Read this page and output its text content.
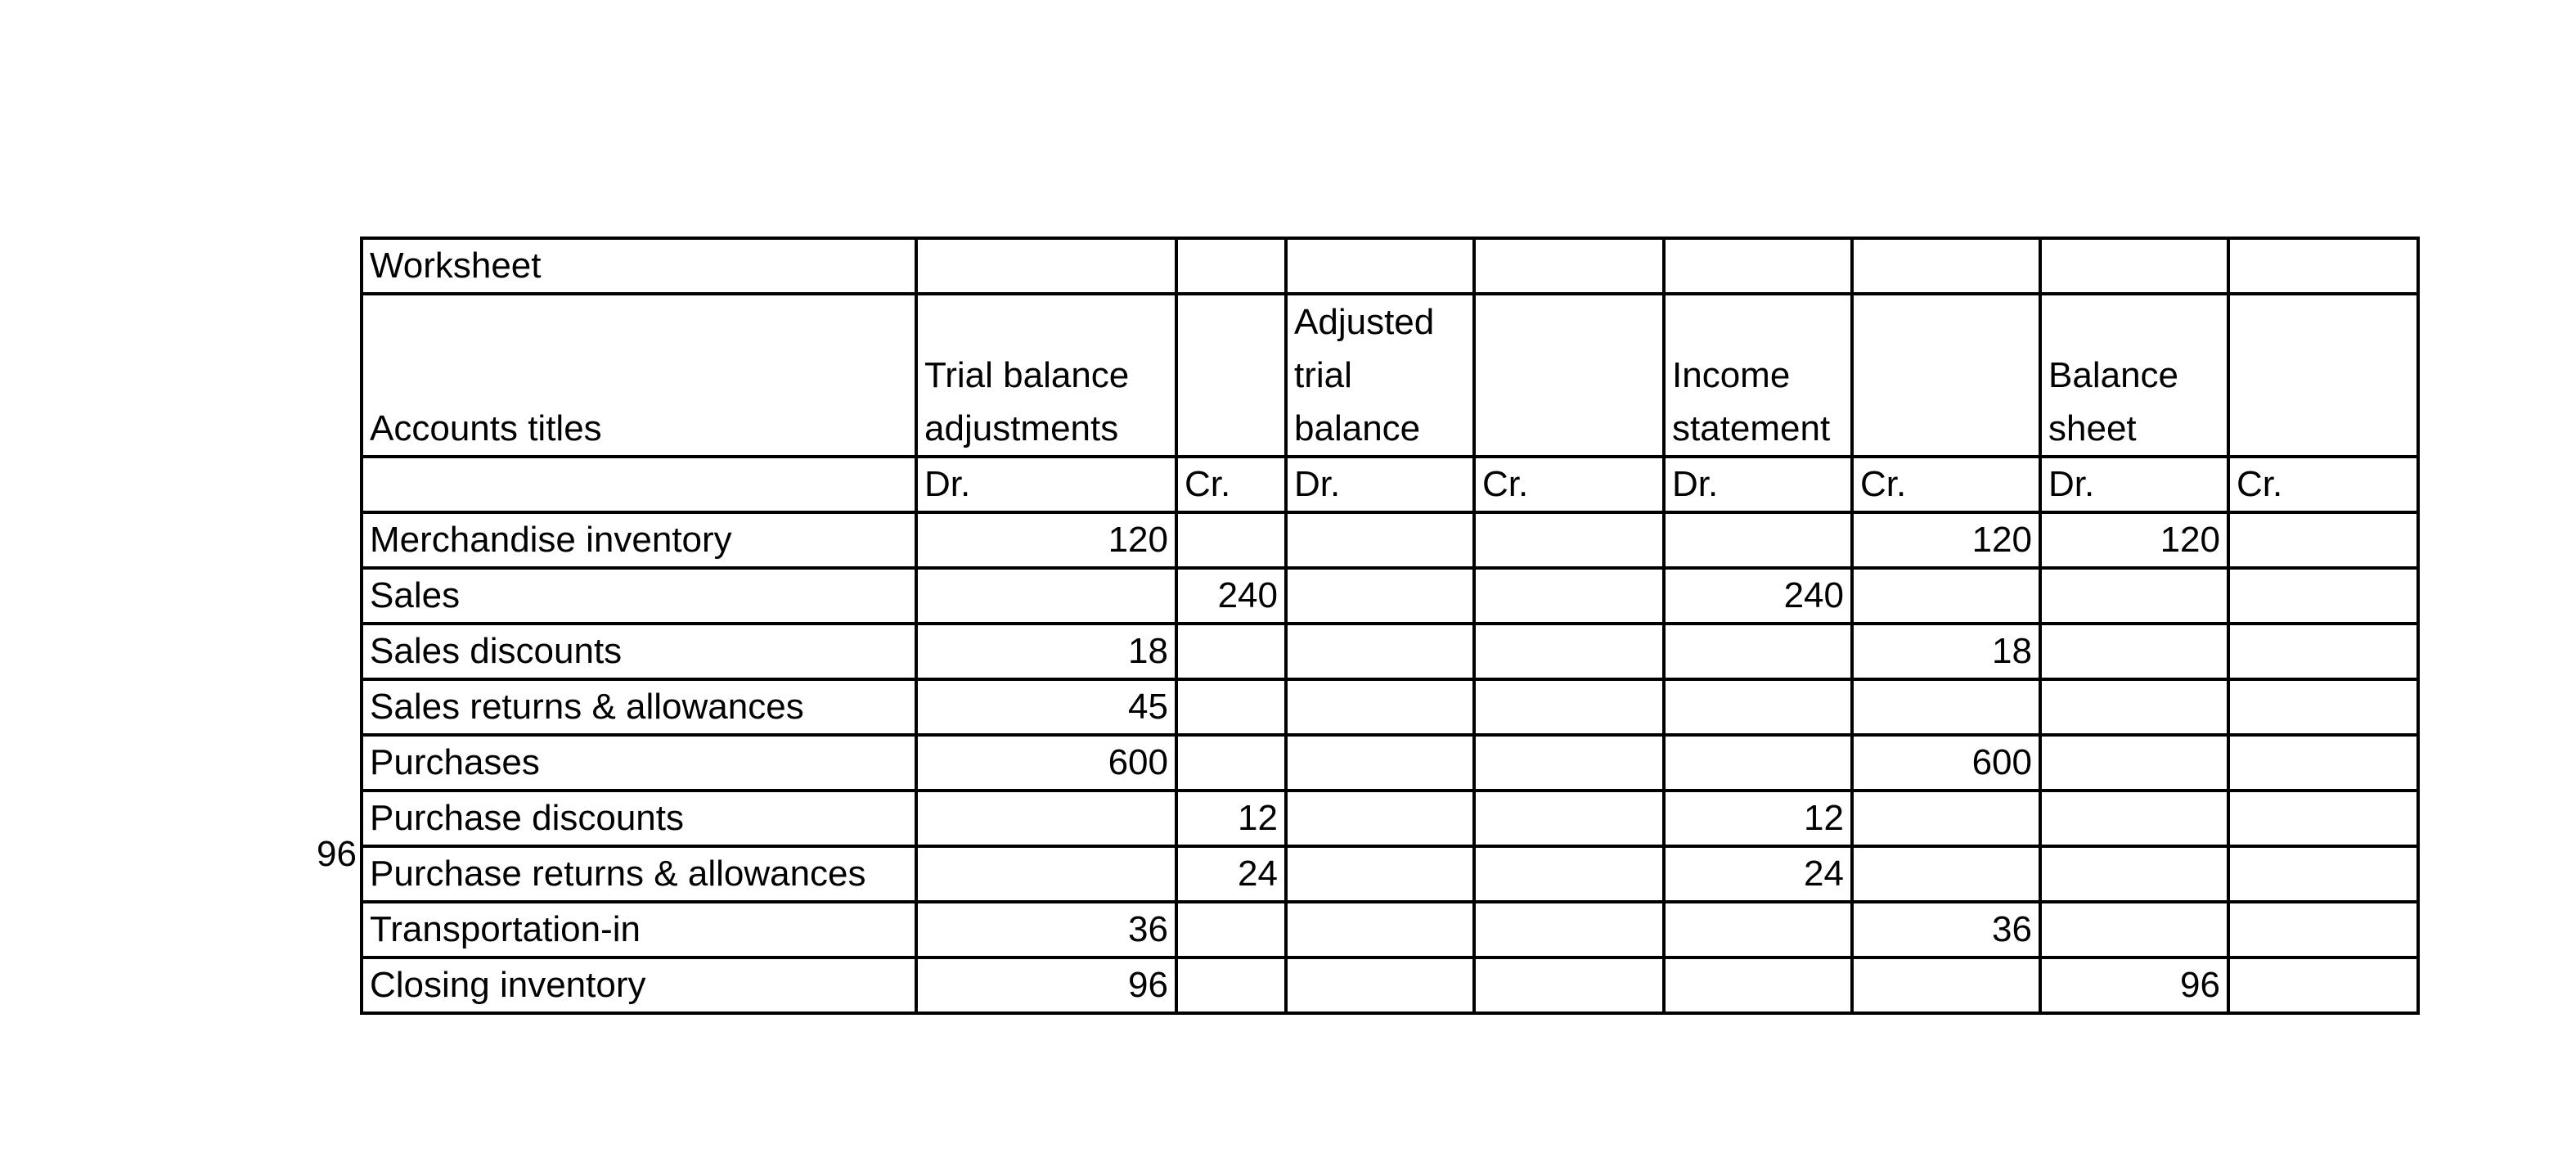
96
Worksheet								
Accounts titles	Trial balance adjustments		Adjusted trial balance		Income statement		Balance sheet	
	Dr.	Cr.	Dr.	Cr.	Dr.	Cr.	Dr.	Cr.
Merchandise inventory	120					120	120	
Sales		240			240			
Sales discounts	18					18		
Sales returns & allowances	45							
Purchases	600					600		
Purchase discounts		12			12			
Purchase returns & allowances		24			24			
Transportation-in	36					36		
Closing inventory	96						96	
